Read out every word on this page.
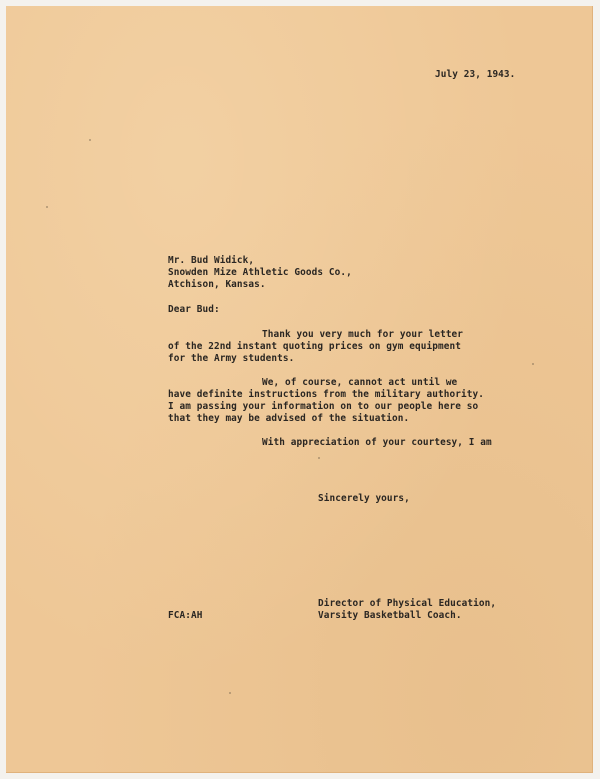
July 23, 1943.
Mr. Bud Widick,
Snowden Mize Athletic Goods Co.,
Atchison, Kansas.
Dear Bud:
Thank you very much for your letter
of the 22nd instant quoting prices on gym equipment
for the Army students.
We, of course, cannot act until we
have definite instructions from the military authority.
I am passing your information on to our people here so
that they may be advised of the situation.
With appreciation of your courtesy, I am
Sincerely yours,
Director of Physical Education,
Varsity Basketball Coach.
FCA:AH
